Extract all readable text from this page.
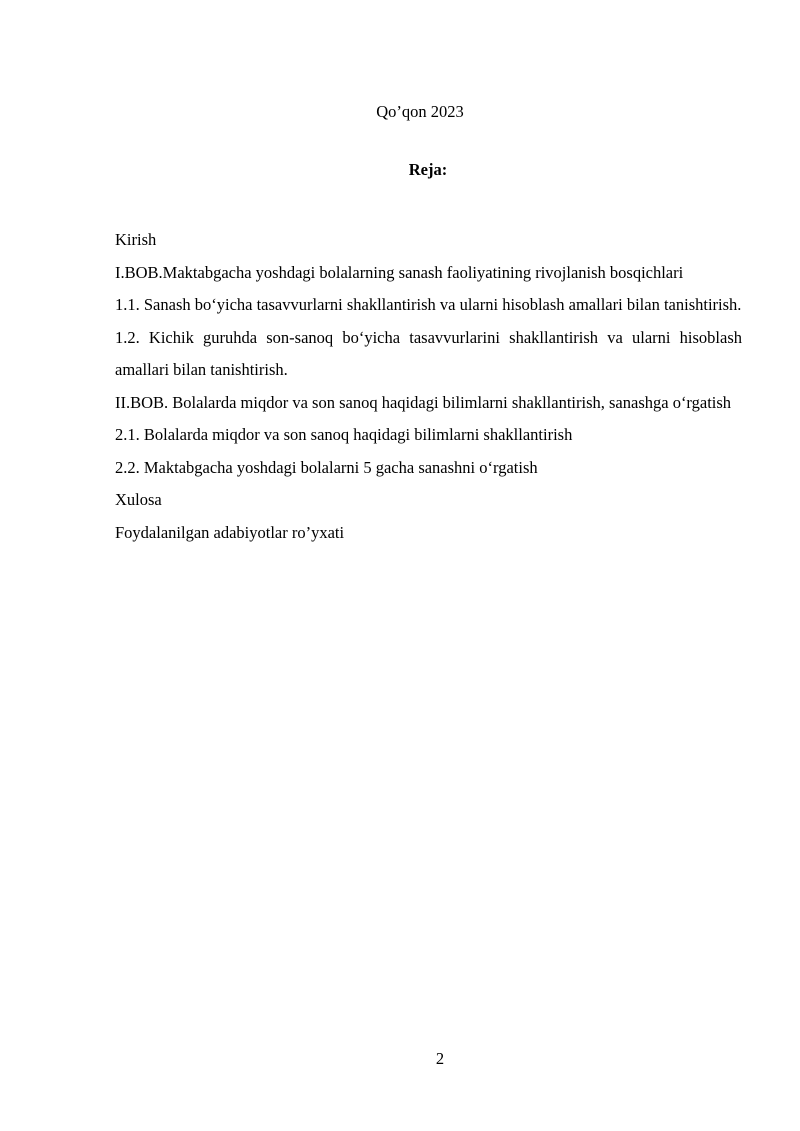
Qo’qon 2023
Reja:
Kirish
I.BOB.Maktabgacha yoshdagi bolalarning sanash faoliyatining rivojlanish bosqichlari
1.1. Sanash bo‘yicha tasavvurlarni shakllantirish va ularni hisoblash amallari bilan tanishtirish.
1.2. Kichik guruhda son-sanoq bo‘yicha tasavvurlarini shakllantirish va ularni hisoblash amallari bilan tanishtirish.
II.BOB. Bolalarda miqdor va son sanoq haqidagi bilimlarni shakllantirish, sanashga o‘rgatish
2.1. Bolalarda miqdor va son sanoq haqidagi bilimlarni shakllantirish
2.2. Maktabgacha yoshdagi bolalarni 5 gacha sanashni o‘rgatish
Xulosa
Foydalanilgan adabiyotlar ro’yxati
2
